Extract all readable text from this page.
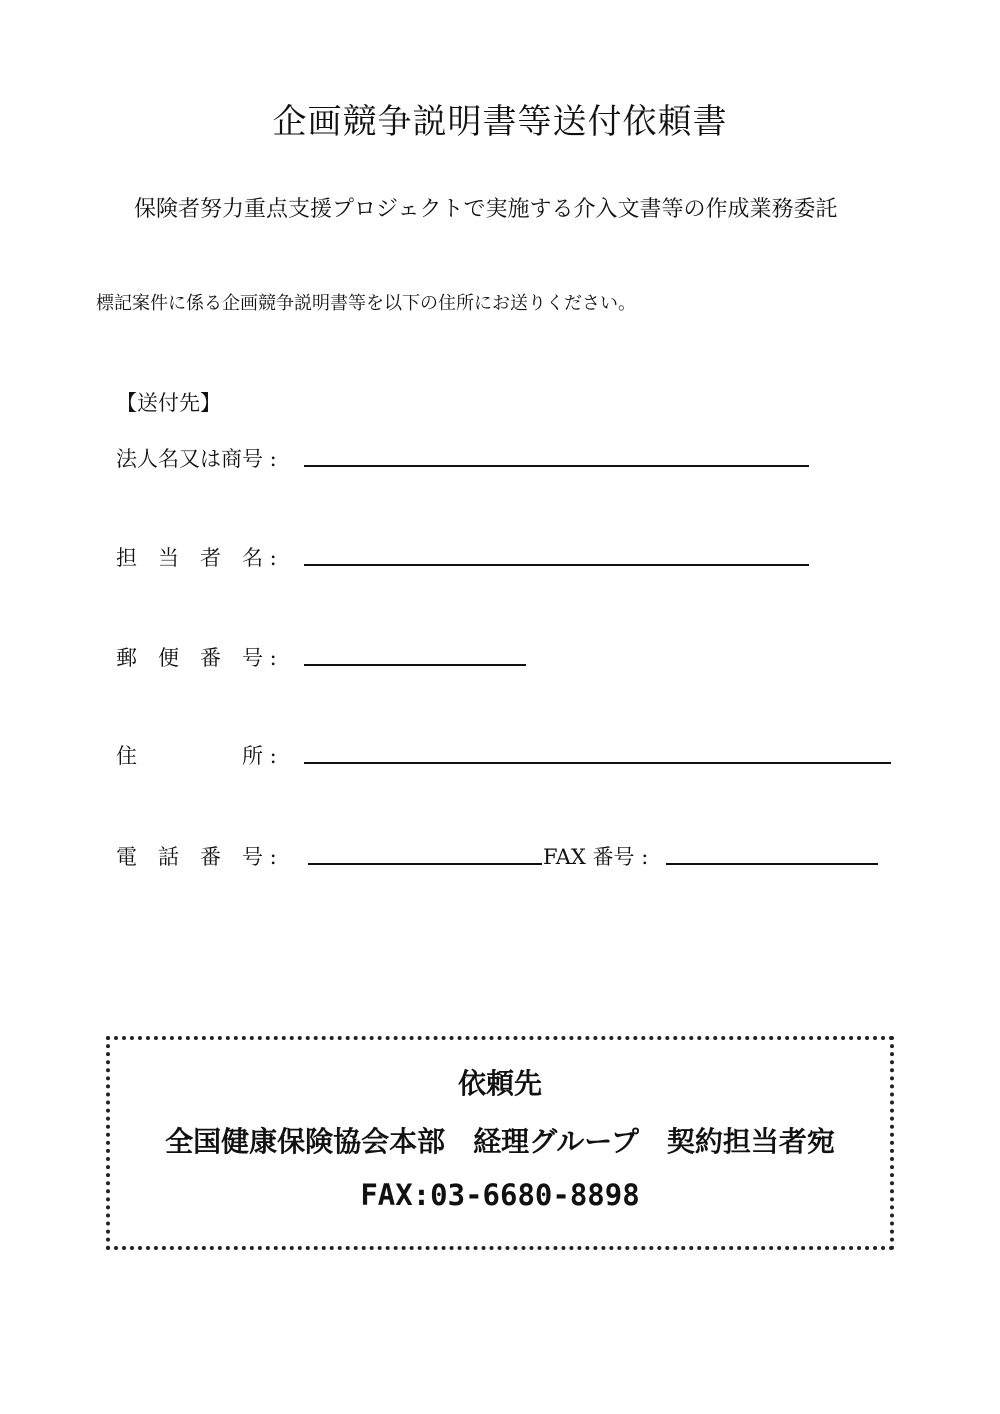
企画競争説明書等送付依頼書
保険者努力重点支援プロジェクトで実施する介入文書等の作成業務委託
標記案件に係る企画競争説明書等を以下の住所にお送りください。
【送付先】
法人名又は商号 :
担　当　者　名 :
郵　便　番　号 :
住　　　　　所 :
電　話　番　号 :	FAX 番号 :
依頼先
全国健康保険協会本部　経理グループ　契約担当者宛
FAX:03-6680-8898
